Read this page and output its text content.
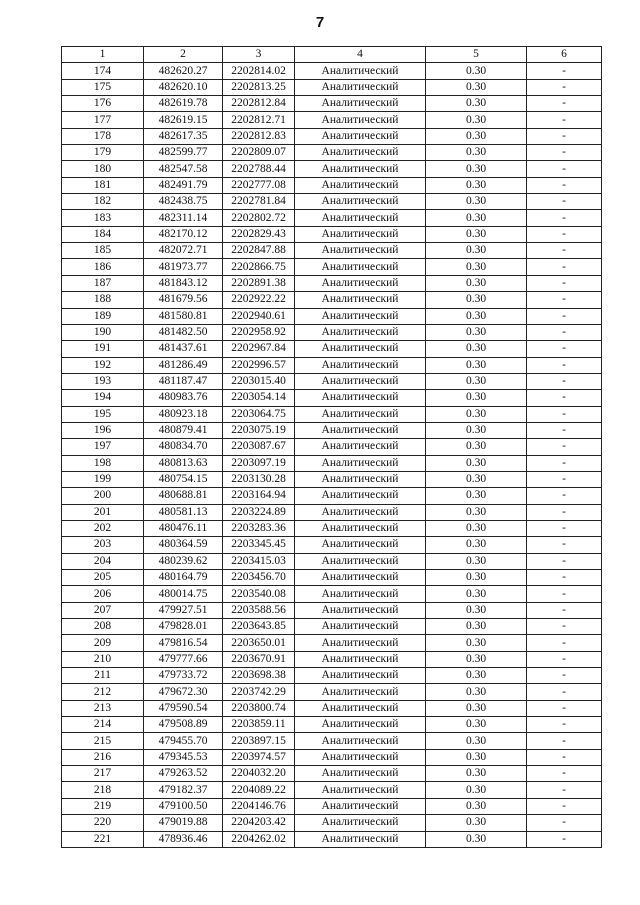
7
1	2	3	4	5	6
174	482620.27	2202814.02	Аналитический	0.30	-
175	482620.10	2202813.25	Аналитический	0.30	-
176	482619.78	2202812.84	Аналитический	0.30	-
177	482619.15	2202812.71	Аналитический	0.30	-
178	482617.35	2202812.83	Аналитический	0.30	-
179	482599.77	2202809.07	Аналитический	0.30	-
180	482547.58	2202788.44	Аналитический	0.30	-
181	482491.79	2202777.08	Аналитический	0.30	-
182	482438.75	2202781.84	Аналитический	0.30	-
183	482311.14	2202802.72	Аналитический	0.30	-
184	482170.12	2202829.43	Аналитический	0.30	-
185	482072.71	2202847.88	Аналитический	0.30	-
186	481973.77	2202866.75	Аналитический	0.30	-
187	481843.12	2202891.38	Аналитический	0.30	-
188	481679.56	2202922.22	Аналитический	0.30	-
189	481580.81	2202940.61	Аналитический	0.30	-
190	481482.50	2202958.92	Аналитический	0.30	-
191	481437.61	2202967.84	Аналитический	0.30	-
192	481286.49	2202996.57	Аналитический	0.30	-
193	481187.47	2203015.40	Аналитический	0.30	-
194	480983.76	2203054.14	Аналитический	0.30	-
195	480923.18	2203064.75	Аналитический	0.30	-
196	480879.41	2203075.19	Аналитический	0.30	-
197	480834.70	2203087.67	Аналитический	0.30	-
198	480813.63	2203097.19	Аналитический	0.30	-
199	480754.15	2203130.28	Аналитический	0.30	-
200	480688.81	2203164.94	Аналитический	0.30	-
201	480581.13	2203224.89	Аналитический	0.30	-
202	480476.11	2203283.36	Аналитический	0.30	-
203	480364.59	2203345.45	Аналитический	0.30	-
204	480239.62	2203415.03	Аналитический	0.30	-
205	480164.79	2203456.70	Аналитический	0.30	-
206	480014.75	2203540.08	Аналитический	0.30	-
207	479927.51	2203588.56	Аналитический	0.30	-
208	479828.01	2203643.85	Аналитический	0.30	-
209	479816.54	2203650.01	Аналитический	0.30	-
210	479777.66	2203670.91	Аналитический	0.30	-
211	479733.72	2203698.38	Аналитический	0.30	-
212	479672.30	2203742.29	Аналитический	0.30	-
213	479590.54	2203800.74	Аналитический	0.30	-
214	479508.89	2203859.11	Аналитический	0.30	-
215	479455.70	2203897.15	Аналитический	0.30	-
216	479345.53	2203974.57	Аналитический	0.30	-
217	479263.52	2204032.20	Аналитический	0.30	-
218	479182.37	2204089.22	Аналитический	0.30	-
219	479100.50	2204146.76	Аналитический	0.30	-
220	479019.88	2204203.42	Аналитический	0.30	-
221	478936.46	2204262.02	Аналитический	0.30	-
